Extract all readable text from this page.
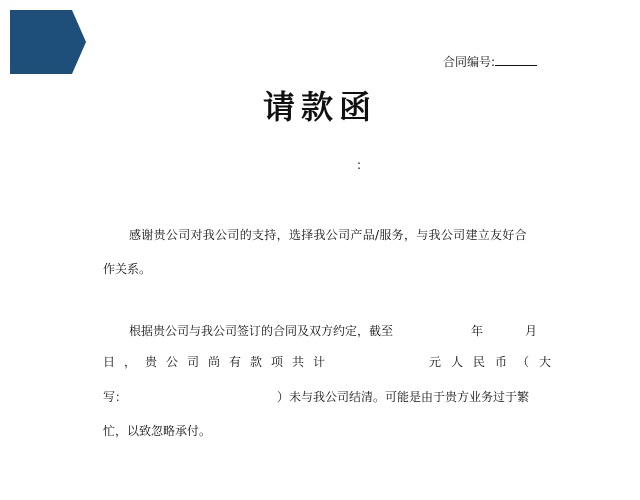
合同编号:
请款函
:
感谢贵公司对我公司的支持，选择我公司产品/服务，与我公司建立友好合
作关系。
根据贵公司与我公司签订的合同及双方约定，截至	年	月
日，贵公司尚有款项共计	元人民币（大
写：	）未与我公司结清。可能是由于贵方业务过于繁
忙，以致忽略承付。
